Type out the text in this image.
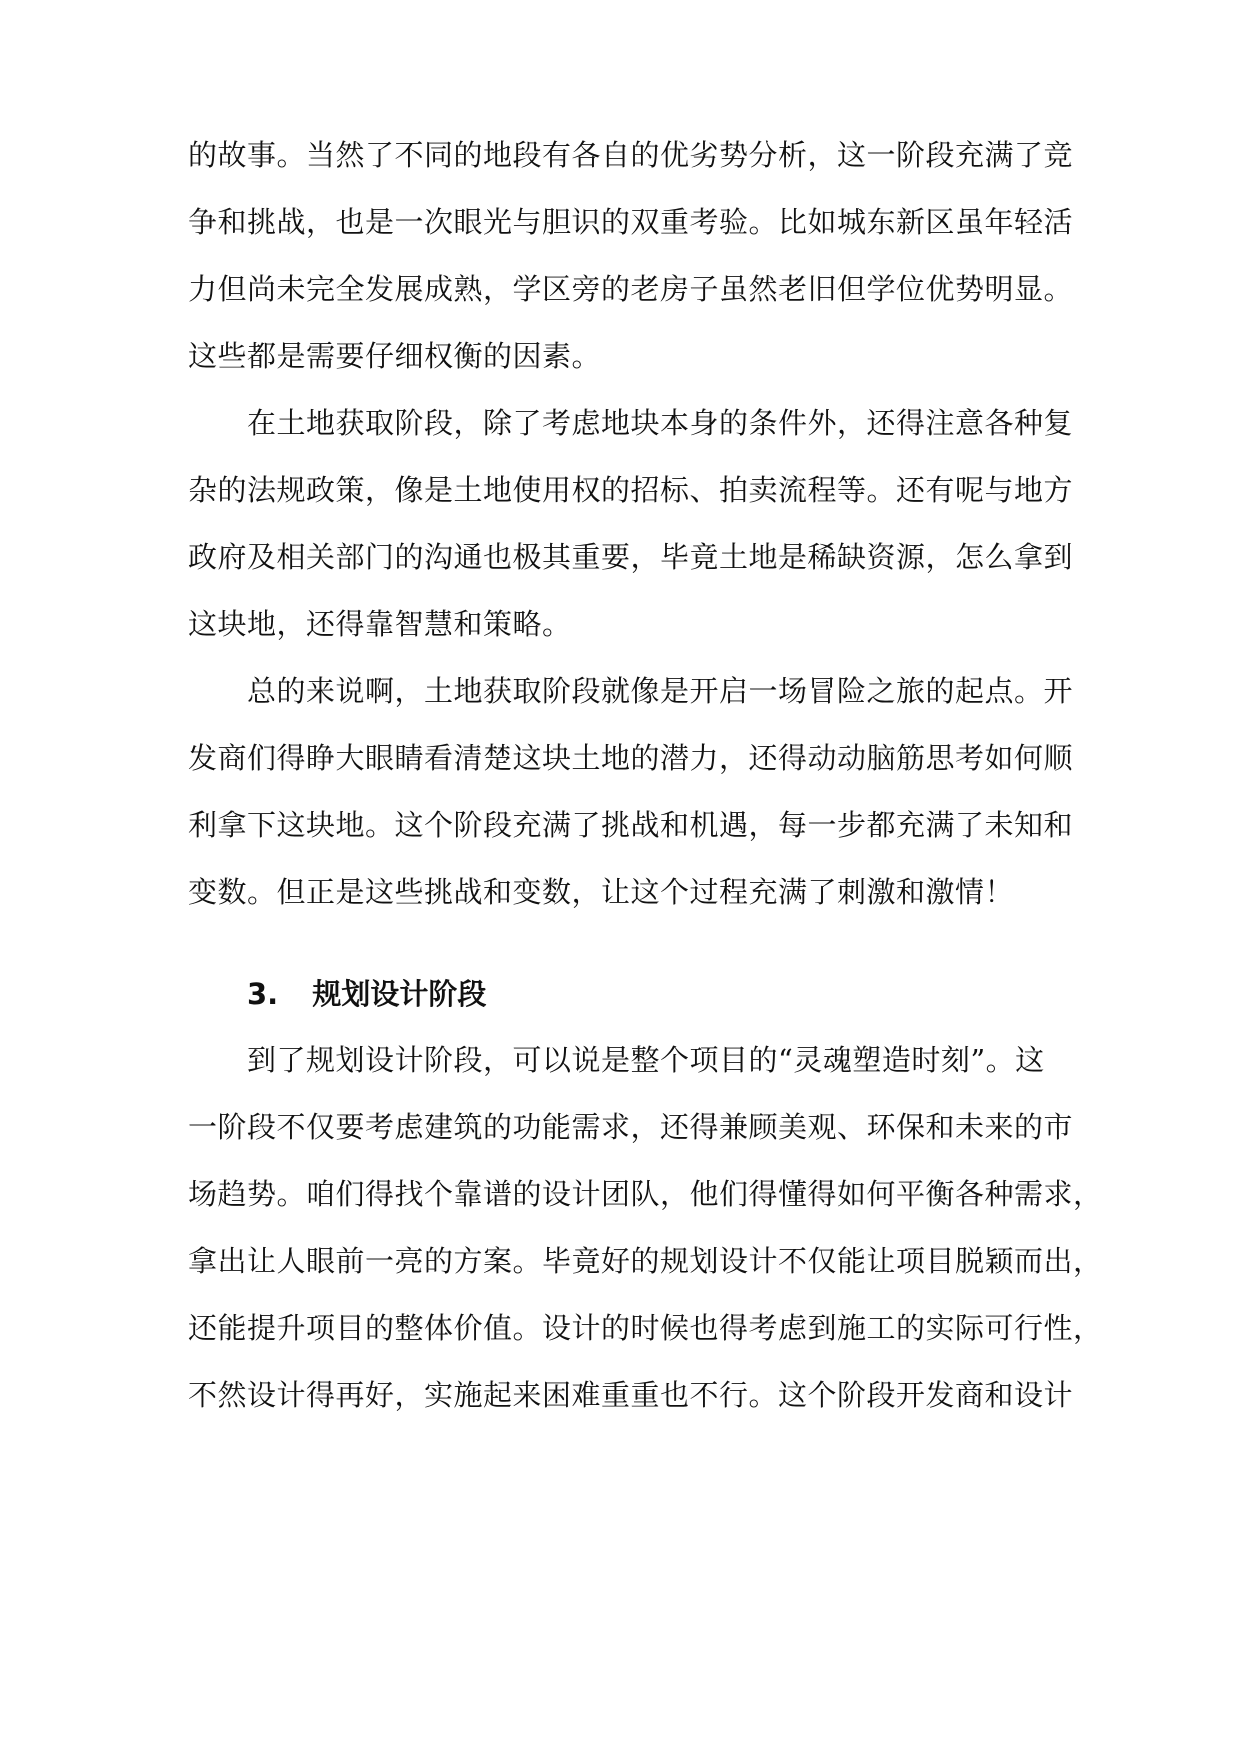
的故事。当然了不同的地段有各自的优劣势分析，这一阶段充满了竞
争和挑战，也是一次眼光与胆识的双重考验。比如城东新区虽年轻活
力但尚未完全发展成熟，学区旁的老房子虽然老旧但学位优势明显。
这些都是需要仔细权衡的因素。
在土地获取阶段，除了考虑地块本身的条件外，还得注意各种复
杂的法规政策，像是土地使用权的招标、拍卖流程等。还有呢与地方
政府及相关部门的沟通也极其重要，毕竟土地是稀缺资源，怎么拿到
这块地，还得靠智慧和策略。
总的来说啊，土地获取阶段就像是开启一场冒险之旅的起点。开
发商们得睁大眼睛看清楚这块土地的潜力，还得动动脑筋思考如何顺
利拿下这块地。这个阶段充满了挑战和机遇，每一步都充满了未知和
变数。但正是这些挑战和变数，让这个过程充满了刺激和激情！
3. 规划设计阶段
到了规划设计阶段，可以说是整个项目的“灵魂塑造时刻”。这
一阶段不仅要考虑建筑的功能需求，还得兼顾美观、环保和未来的市
场趋势。咱们得找个靠谱的设计团队，他们得懂得如何平衡各种需求，
拿出让人眼前一亮的方案。毕竟好的规划设计不仅能让项目脱颖而出，
还能提升项目的整体价值。设计的时候也得考虑到施工的实际可行性，
不然设计得再好，实施起来困难重重也不行。这个阶段开发商和设计
